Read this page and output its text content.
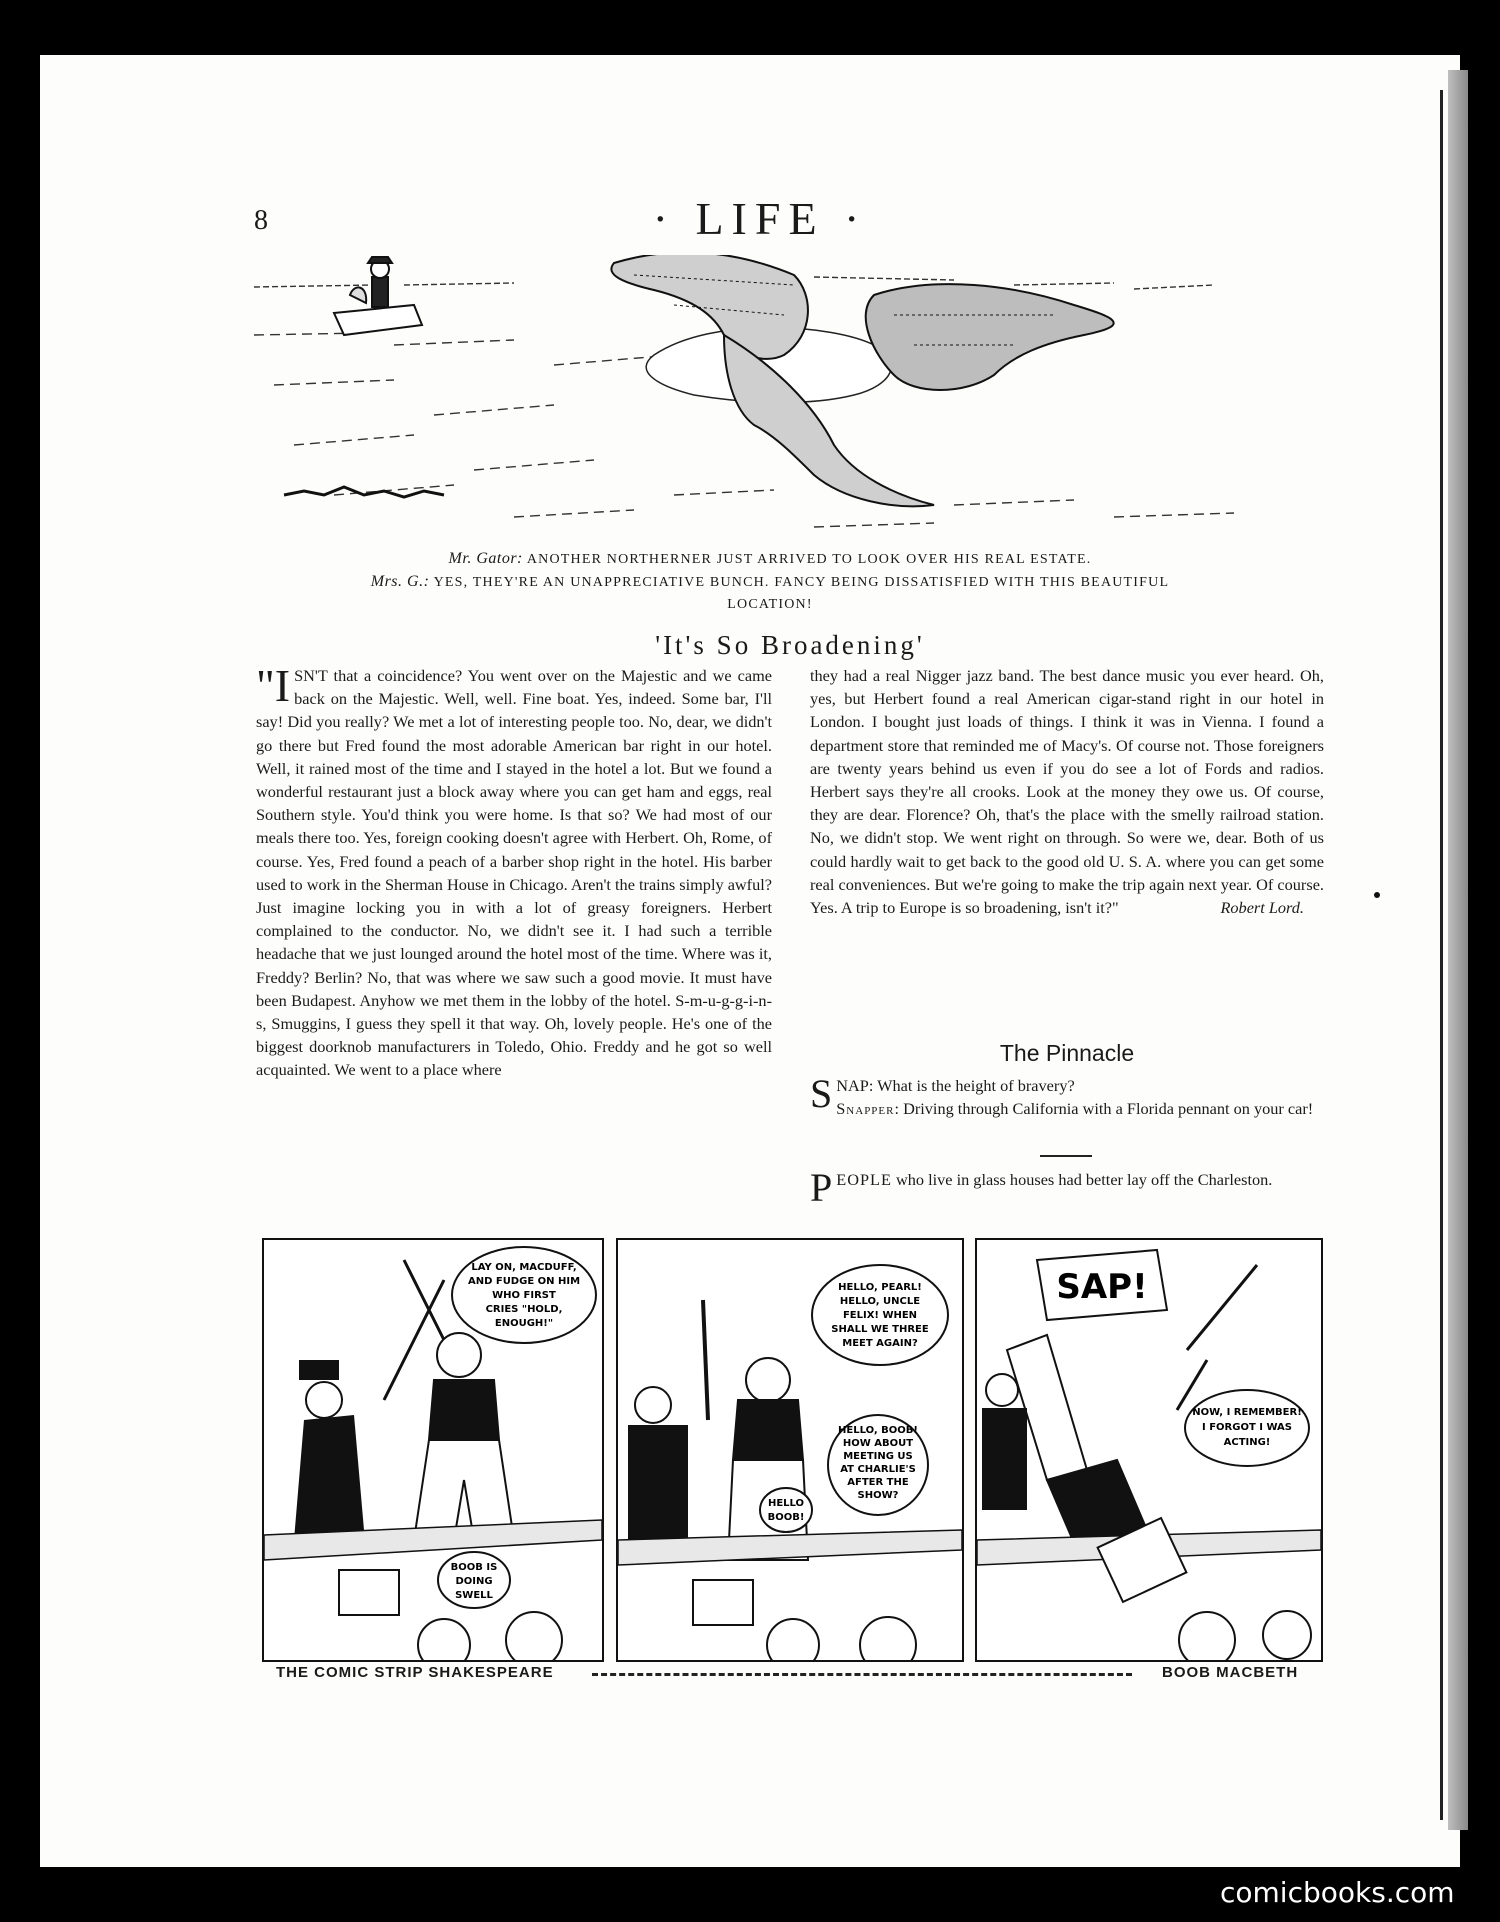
8	· LIFE ·
Mr. Gator: ANOTHER NORTHERNER JUST ARRIVED TO LOOK OVER HIS REAL ESTATE.
Mrs. G.: YES, THEY'RE AN UNAPPRECIATIVE BUNCH. FANCY BEING DISSATISFIED WITH THIS BEAUTIFUL LOCATION!
'It's So Broadening'
"ISN'T that a coincidence? You went over on the Majestic and we came back on the Majestic. Well, well. Fine boat. Yes, indeed. Some bar, I'll say! Did you really? We met a lot of interesting people too. No, dear, we didn't go there but Fred found the most adorable American bar right in our hotel. Well, it rained most of the time and I stayed in the hotel a lot. But we found a wonderful restaurant just a block away where you can get ham and eggs, real Southern style. You'd think you were home. Is that so? We had most of our meals there too. Yes, foreign cooking doesn't agree with Herbert. Oh, Rome, of course. Yes, Fred found a peach of a barber shop right in the hotel. His barber used to work in the Sherman House in Chicago. Aren't the trains simply awful? Just imagine locking you in with a lot of greasy foreigners. Herbert complained to the conductor. No, we didn't see it. I had such a terrible headache that we just lounged around the hotel most of the time. Where was it, Freddy? Berlin? No, that was where we saw such a good movie. It must have been Budapest. Anyhow we met them in the lobby of the hotel. S-m-u-g-g-i-n-s, Smuggins, I guess they spell it that way. Oh, lovely people. He's one of the biggest doorknob manufacturers in Toledo, Ohio. Freddy and he got so well acquainted. We went to a place where
they had a real Nigger jazz band. The best dance music you ever heard. Oh, yes, but Herbert found a real American cigar-stand right in our hotel in London. I bought just loads of things. I think it was in Vienna. I found a department store that reminded me of Macy's. Of course not. Those foreigners are twenty years behind us even if you do see a lot of Fords and radios. Herbert says they're all crooks. Look at the money they owe us. Of course, they are dear. Florence? Oh, that's the place with the smelly railroad station. No, we didn't stop. We went right on through. So were we, dear. Both of us could hardly wait to get back to the good old U. S. A. where you can get some real conveniences. But we're going to make the trip again next year. Of course. Yes. A trip to Europe is so broadening, isn't it?"	Robert Lord.
The Pinnacle
SNAP: What is the height of bravery?
Snapper: Driving through California with a Florida pennant on your car!
PEOPLE who live in glass houses had better lay off the Charleston.
LAY ON, MACDUFF,
AND FUDGE ON HIM
WHO FIRST
CRIES "HOLD,
ENOUGH!"
BOOB IS
DOING
SWELL
HELLO, PEARL!
HELLO, UNCLE
FELIX! WHEN
SHALL WE THREE
MEET AGAIN?
HELLO
BOOB!
HELLO, BOOB!
HOW ABOUT
MEETING US
AT CHARLIE'S
AFTER THE
SHOW?
SAP!
NOW, I REMEMBER!
I FORGOT I WAS
ACTING!
THE COMIC STRIP SHAKESPEARE	BOOB MACBETH
comicbooks.com
